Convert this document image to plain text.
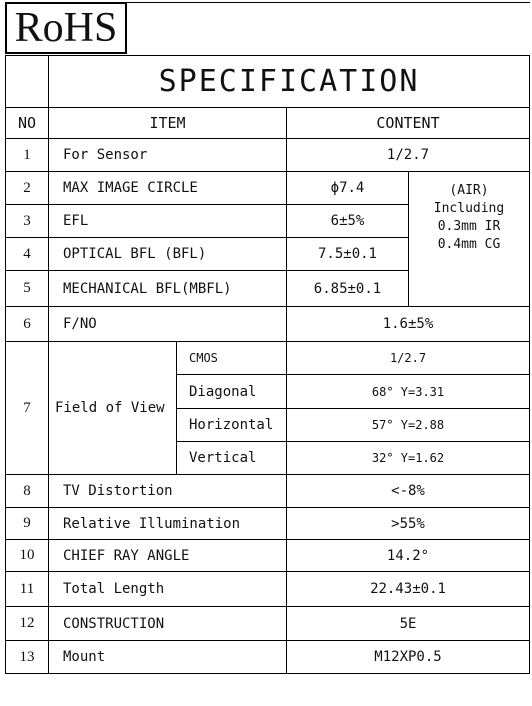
RoHS
	SPECIFICATION			
NO	ITEM		CONTENT	
1	For Sensor		1/2.7	
2	MAX IMAGE CIRCLE		ϕ7.4	(AIR)
Including
0.3mm IR
0.4mm CG

3	EFL		6±5%	
4	OPTICAL BFL (BFL)		7.5±0.1	
5	MECHANICAL BFL(MBFL)		6.85±0.1	
6	F/NO		1.6±5%	
7	Field of View	CMOS	1/2.7	
		Diagonal	68° Y=3.31	
		Horizontal	57° Y=2.88	
		Vertical	32° Y=1.62	
8	TV Distortion		<-8%	
9	Relative Illumination		>55%	
10	CHIEF RAY ANGLE		14.2°	
11	Total Length		22.43±0.1	
12	CONSTRUCTION		5E	
13	Mount		M12XP0.5	
